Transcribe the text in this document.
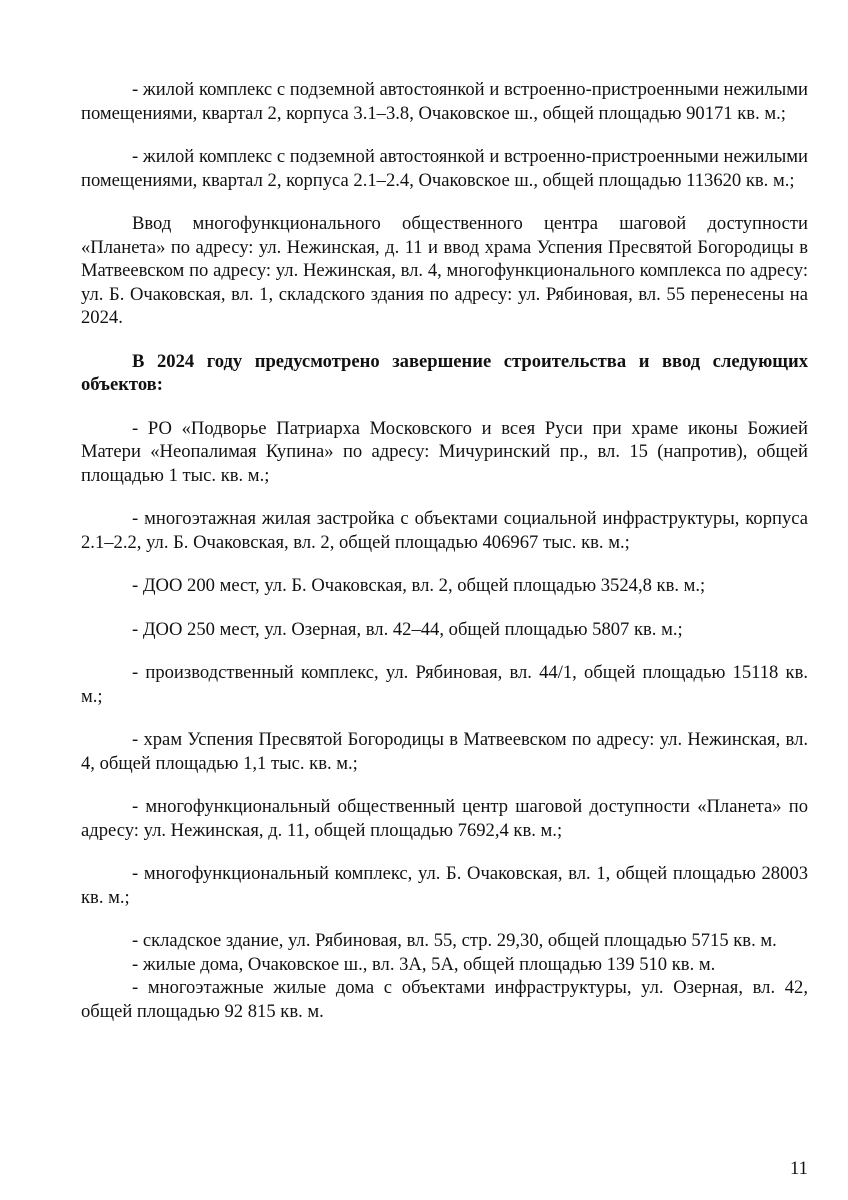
- жилой комплекс с подземной автостоянкой и встроенно-пристроенными нежилыми помещениями, квартал 2, корпуса 3.1–3.8, Очаковское ш., общей площадью 90171 кв. м.;

- жилой комплекс с подземной автостоянкой и встроенно-пристроенными нежилыми помещениями, квартал 2, корпуса 2.1–2.4, Очаковское ш., общей площадью 113620 кв. м.;

Ввод многофункционального общественного центра шаговой доступности «Планета» по адресу: ул. Нежинская, д. 11 и ввод храма Успения Пресвятой Богородицы в Матвеевском по адресу: ул. Нежинская, вл. 4, многофункционального комплекса по адресу: ул. Б. Очаковская, вл. 1, складского здания по адресу: ул. Рябиновая, вл. 55 перенесены на 2024.

В 2024 году предусмотрено завершение строительства и ввод следующих объектов:

- РО «Подворье Патриарха Московского и всея Руси при храме иконы Божией Матери «Неопалимая Купина» по адресу: Мичуринский пр., вл. 15 (напротив), общей площадью 1 тыс. кв. м.;

- многоэтажная жилая застройка с объектами социальной инфраструктуры, корпуса 2.1–2.2, ул. Б. Очаковская, вл. 2, общей площадью 406967 тыс. кв. м.;

- ДОО 200 мест, ул. Б. Очаковская, вл. 2, общей площадью 3524,8 кв. м.;

- ДОО 250 мест, ул. Озерная, вл. 42–44, общей площадью 5807 кв. м.;

- производственный комплекс, ул. Рябиновая, вл. 44/1, общей площадью 15118 кв. м.;

- храм Успения Пресвятой Богородицы в Матвеевском по адресу: ул. Нежинская, вл. 4, общей площадью 1,1 тыс. кв. м.;

- многофункциональный общественный центр шаговой доступности «Планета» по адресу: ул. Нежинская, д. 11, общей площадью 7692,4 кв. м.;

- многофункциональный комплекс, ул. Б. Очаковская, вл. 1, общей площадью 28003 кв. м.;

- складское здание, ул. Рябиновая, вл. 55, стр. 29,30, общей площадью 5715 кв. м.

- жилые дома, Очаковское ш., вл. 3А, 5А, общей площадью 139 510 кв. м.

- многоэтажные жилые дома с объектами инфраструктуры, ул. Озерная, вл. 42, общей площадью 92 815 кв. м.

11
